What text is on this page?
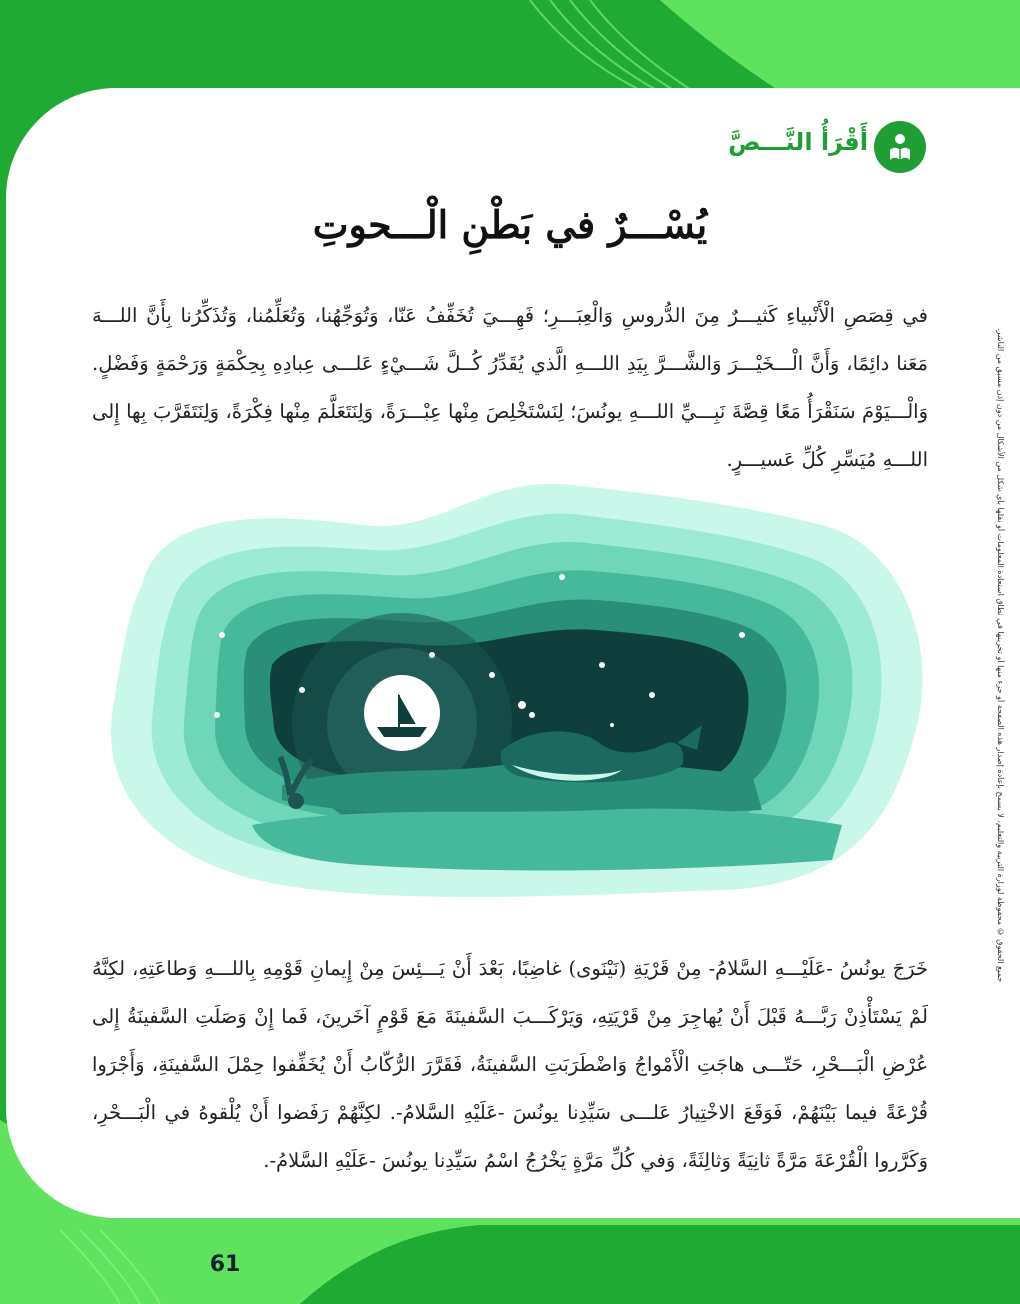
أَقْرَأُ النَّـــصَّ
يُسْـــرٌ في بَطْنِ الْـــحوتِ
في قِصَصِ الْأَنْبياءِ كَثيـــرٌ مِنَ الدُّروسِ وَالْعِبَـــرِ؛ فَهِـــيَ تُخَفِّفُ عَنّا، وَتُوَجِّهُنا، وَتُعَلِّمُنا، وَتُذَكِّرُنا بِأَنَّ اللـــهَ مَعَنا دائِمًا، وَأَنَّ الْـــخَيْـــرَ وَالشَّـــرَّ بِيَدِ اللـــهِ الَّذي يُقَدِّرُ كُــلَّ شَـــيْءٍ عَلـــى عِبادِهِ بِحِكْمَةٍ وَرَحْمَةٍ وَفَضْلٍ. وَالْـــيَوْمَ سَنَقْرَأُ مَعًا قِصَّةَ نَبِـــيِّ اللـــهِ يونُسَ؛ لِنَسْتَخْلِصَ مِنْها عِبْـــرَةً، وَلِنَتَعَلَّمَ مِنْها فِكْرَةً، وَلِنَتَقَرَّبَ بِها إِلى اللـــهِ مُيَسِّرِ كُلِّ عَسيـــرٍ.
خَرَجَ يونُسُ -عَلَيْـــهِ السَّلامُ- مِنْ قَرْيَةِ (نَيْنَوى) غاضِبًا، بَعْدَ أَنْ يَـــئِسَ مِنْ إِيمانِ قَوْمِهِ بِاللـــهِ وَطاعَتِهِ، لكِنَّهُ لَمْ يَسْتَأْذِنْ رَبَّـــهُ قَبْلَ أَنْ يُهاجِرَ مِنْ قَرْيَتِهِ، وَيَرْكَـــبَ السَّفينَةَ مَعَ قَوْمٍ آخَرينَ، فَما إِنْ وَصَلَتِ السَّفينَةُ إِلى عُرْضِ الْبَـــحْرِ، حَتّـــى هاجَتِ الْأَمْواجُ وَاضْطَرَبَتِ السَّفينَةُ، فَقَرَّرَ الرُّكّابُ أَنْ يُخَفِّفوا حِمْلَ السَّفينَةِ، وَأَجْرَوا قُرْعَةً فيما بَيْنَهُمْ، فَوَقَعَ الاخْتِيارُ عَلـــى سَيِّدِنا يونُسَ -عَلَيْهِ السَّلامُ-. لكِنَّهُمْ رَفَضوا أَنْ يُلْقوهُ في الْبَـــحْرِ، وَكَرَّروا الْقُرْعَةَ مَرَّةً ثانِيَةً وَثالِثَةً، وَفي كُلِّ مَرَّةٍ يَخْرُجُ اسْمُ سَيِّدِنا يونُسَ -عَلَيْهِ السَّلامُ-.
جميع الحقوق © محفوظة لوزارة التربية والتعليم، لا يسمح بإعادة إصدار هذه الصفحة أو جزء منها أو تخزينها في نطاق استعادة المعلومات أو نقلها بأي شكل من الأشكال من دون إذن مسبق من الناشر.
61
